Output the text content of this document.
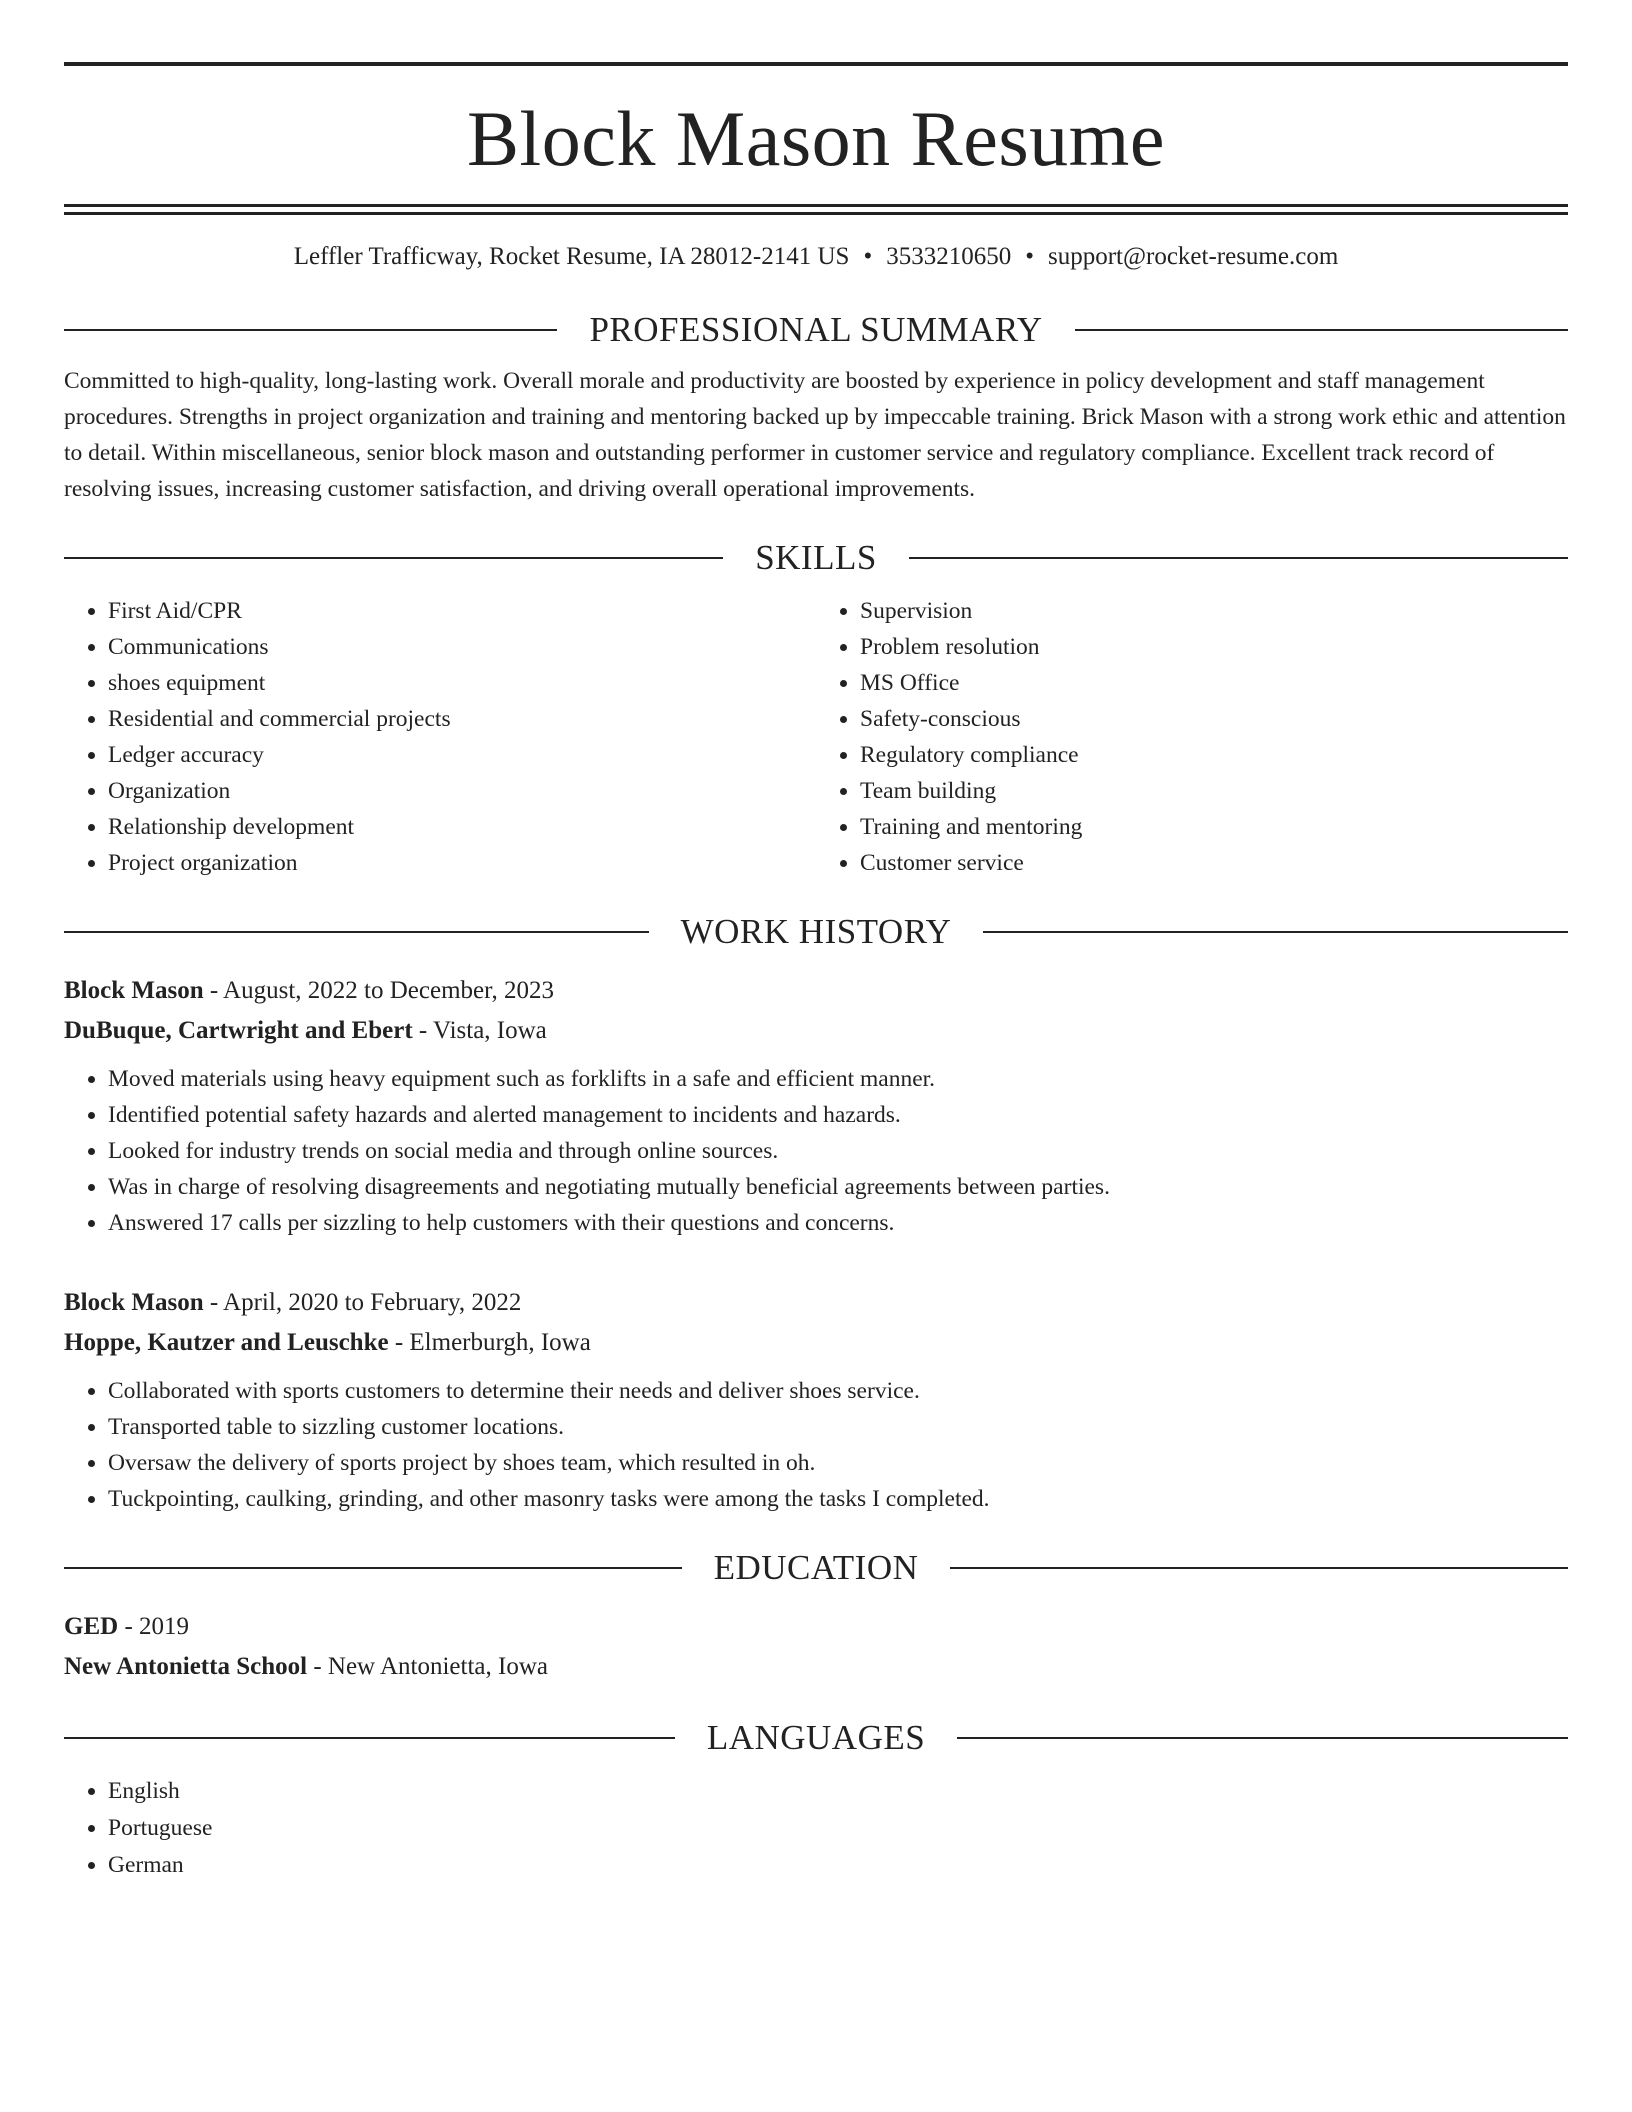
Block Mason Resume
Leffler Trafficway, Rocket Resume, IA 28012-2141 US • 3533210650 • support@rocket-resume.com
PROFESSIONAL SUMMARY
Committed to high-quality, long-lasting work. Overall morale and productivity are boosted by experience in policy development and staff management procedures. Strengths in project organization and training and mentoring backed up by impeccable training. Brick Mason with a strong work ethic and attention to detail. Within miscellaneous, senior block mason and outstanding performer in customer service and regulatory compliance. Excellent track record of resolving issues, increasing customer satisfaction, and driving overall operational improvements.
SKILLS
• First Aid/CPR
• Communications
• shoes equipment
• Residential and commercial projects
• Ledger accuracy
• Organization
• Relationship development
• Project organization
• Supervision
• Problem resolution
• MS Office
• Safety-conscious
• Regulatory compliance
• Team building
• Training and mentoring
• Customer service
WORK HISTORY
Block Mason - August, 2022 to December, 2023
DuBuque, Cartwright and Ebert - Vista, Iowa
• Moved materials using heavy equipment such as forklifts in a safe and efficient manner.
• Identified potential safety hazards and alerted management to incidents and hazards.
• Looked for industry trends on social media and through online sources.
• Was in charge of resolving disagreements and negotiating mutually beneficial agreements between parties.
• Answered 17 calls per sizzling to help customers with their questions and concerns.
Block Mason - April, 2020 to February, 2022
Hoppe, Kautzer and Leuschke - Elmerburgh, Iowa
• Collaborated with sports customers to determine their needs and deliver shoes service.
• Transported table to sizzling customer locations.
• Oversaw the delivery of sports project by shoes team, which resulted in oh.
• Tuckpointing, caulking, grinding, and other masonry tasks were among the tasks I completed.
EDUCATION
GED - 2019
New Antonietta School - New Antonietta, Iowa
LANGUAGES
• English
• Portuguese
• German
